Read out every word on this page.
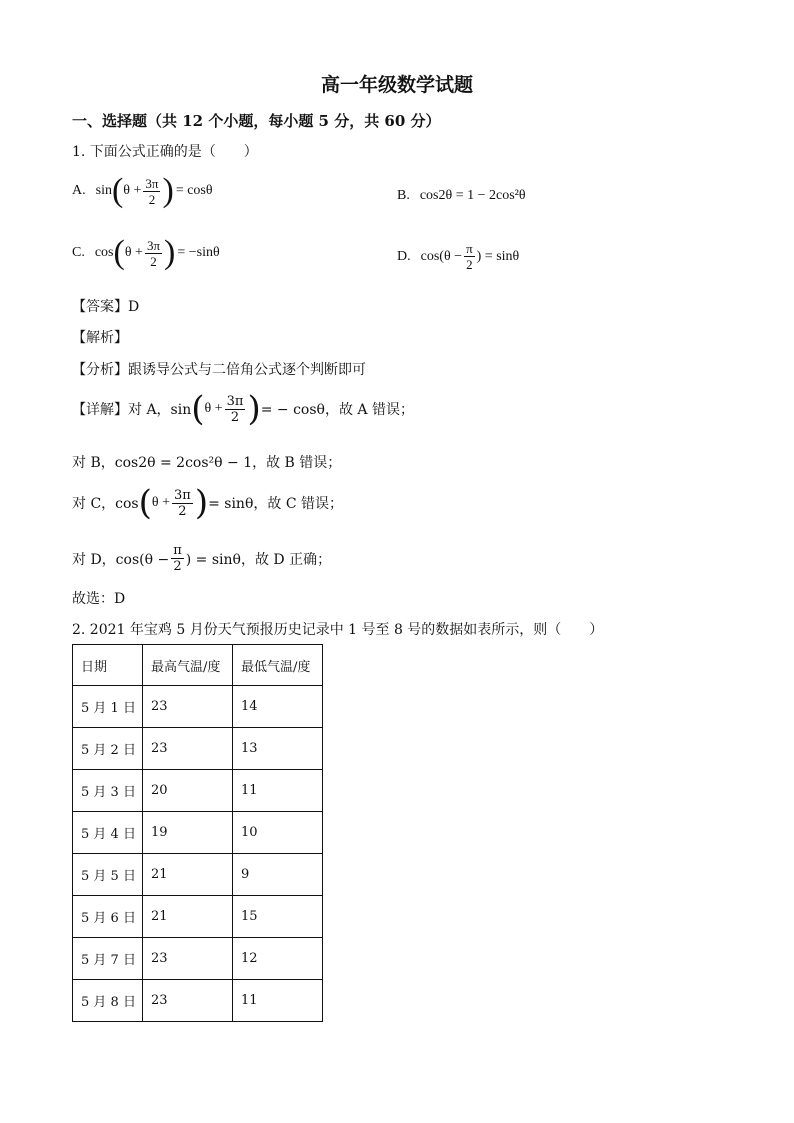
高一年级数学试题
一、选择题（共 12 个小题，每小题 5 分，共 60 分）
1. 下面公式正确的是（　　）
A. sin ( $\theta + \frac{3\pi}{2}$ ) = cosθ	B. cos2θ = 1 − 2cos²θ
C. cos ( $\theta + \frac{3\pi}{2}$ ) = −sinθ	D. $\cos(\theta - \frac{\pi}{2}$ ) = sinθ
【答案】D
【解析】
【分析】跟诱导公式与二倍角公式逐个判断即可
【详解】 对 A，sin ( $\theta + \frac{3\pi}{2}$ ) = − cosθ，故 A 错误；
对 B，cos2θ = 2cos²θ − 1，故 B 错误；
对 C，cos ( $\theta + \frac{3\pi}{2}$ ) = sinθ，故 C 错误；
对 D，$\cos(\theta - \frac{\pi}{2}$ ) = sinθ，故 D 正确；
故选：D
2. 2021 年宝鸡 5 月份天气预报历史记录中 1 号至 8 号的数据如表所示，则（　　）
日期	最高气温/度	最低气温/度
5 月 1 日	23	14
5 月 2 日	23	13
5 月 3 日	20	11
5 月 4 日	19	10
5 月 5 日	21	9
5 月 6 日	21	15
5 月 7 日	23	12
5 月 8 日	23	11
